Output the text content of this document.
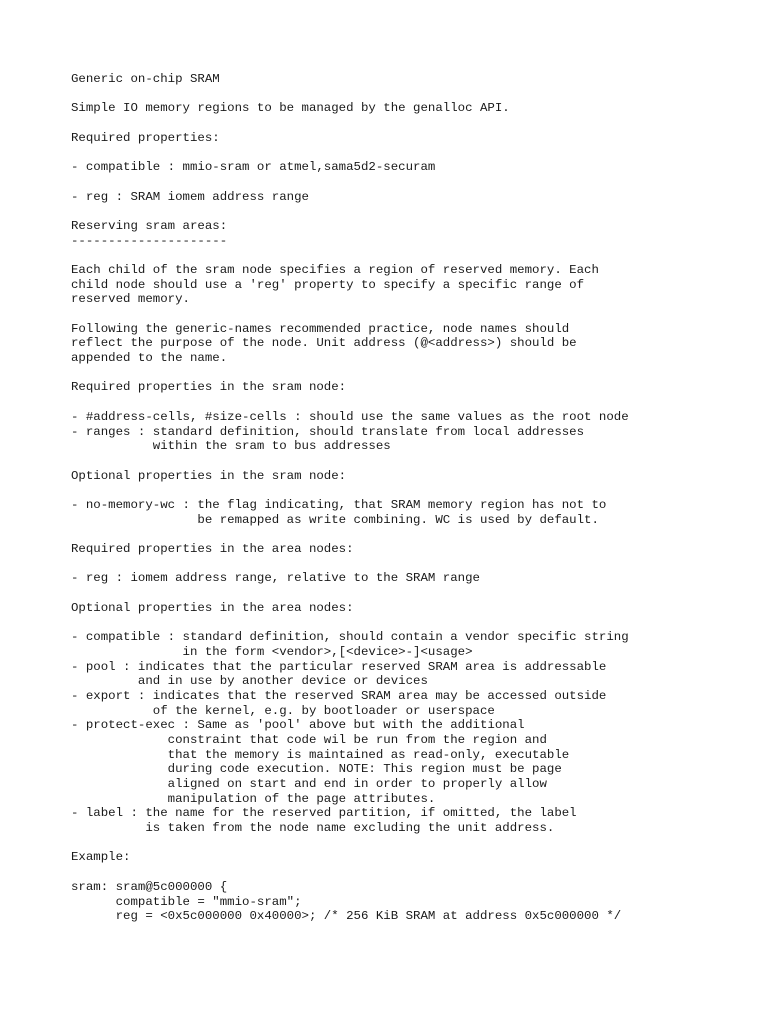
Generic on-chip SRAM
Simple IO memory regions to be managed by the genalloc API.
Required properties:
- compatible : mmio-sram or atmel,sama5d2-securam
- reg : SRAM iomem address range
Reserving sram areas:
---------------------
Each child of the sram node specifies a region of reserved memory. Each
child node should use a 'reg' property to specify a specific range of
reserved memory.
Following the generic-names recommended practice, node names should
reflect the purpose of the node. Unit address (@<address>) should be
appended to the name.
Required properties in the sram node:
- #address-cells, #size-cells : should use the same values as the root node
- ranges : standard definition, should translate from local addresses
within the sram to bus addresses
Optional properties in the sram node:
- no-memory-wc : the flag indicating, that SRAM memory region has not to
be remapped as write combining. WC is used by default.
Required properties in the area nodes:
- reg : iomem address range, relative to the SRAM range
Optional properties in the area nodes:
- compatible : standard definition, should contain a vendor specific string
in the form <vendor>,[<device>-]<usage>
- pool : indicates that the particular reserved SRAM area is addressable
and in use by another device or devices
- export : indicates that the reserved SRAM area may be accessed outside
of the kernel, e.g. by bootloader or userspace
- protect-exec : Same as 'pool' above but with the additional
constraint that code wil be run from the region and
that the memory is maintained as read-only, executable
during code execution. NOTE: This region must be page
aligned on start and end in order to properly allow
manipulation of the page attributes.
- label : the name for the reserved partition, if omitted, the label
is taken from the node name excluding the unit address.
Example:
sram: sram@5c000000 {
compatible = "mmio-sram";
reg = <0x5c000000 0x40000>; /* 256 KiB SRAM at address 0x5c000000 */
